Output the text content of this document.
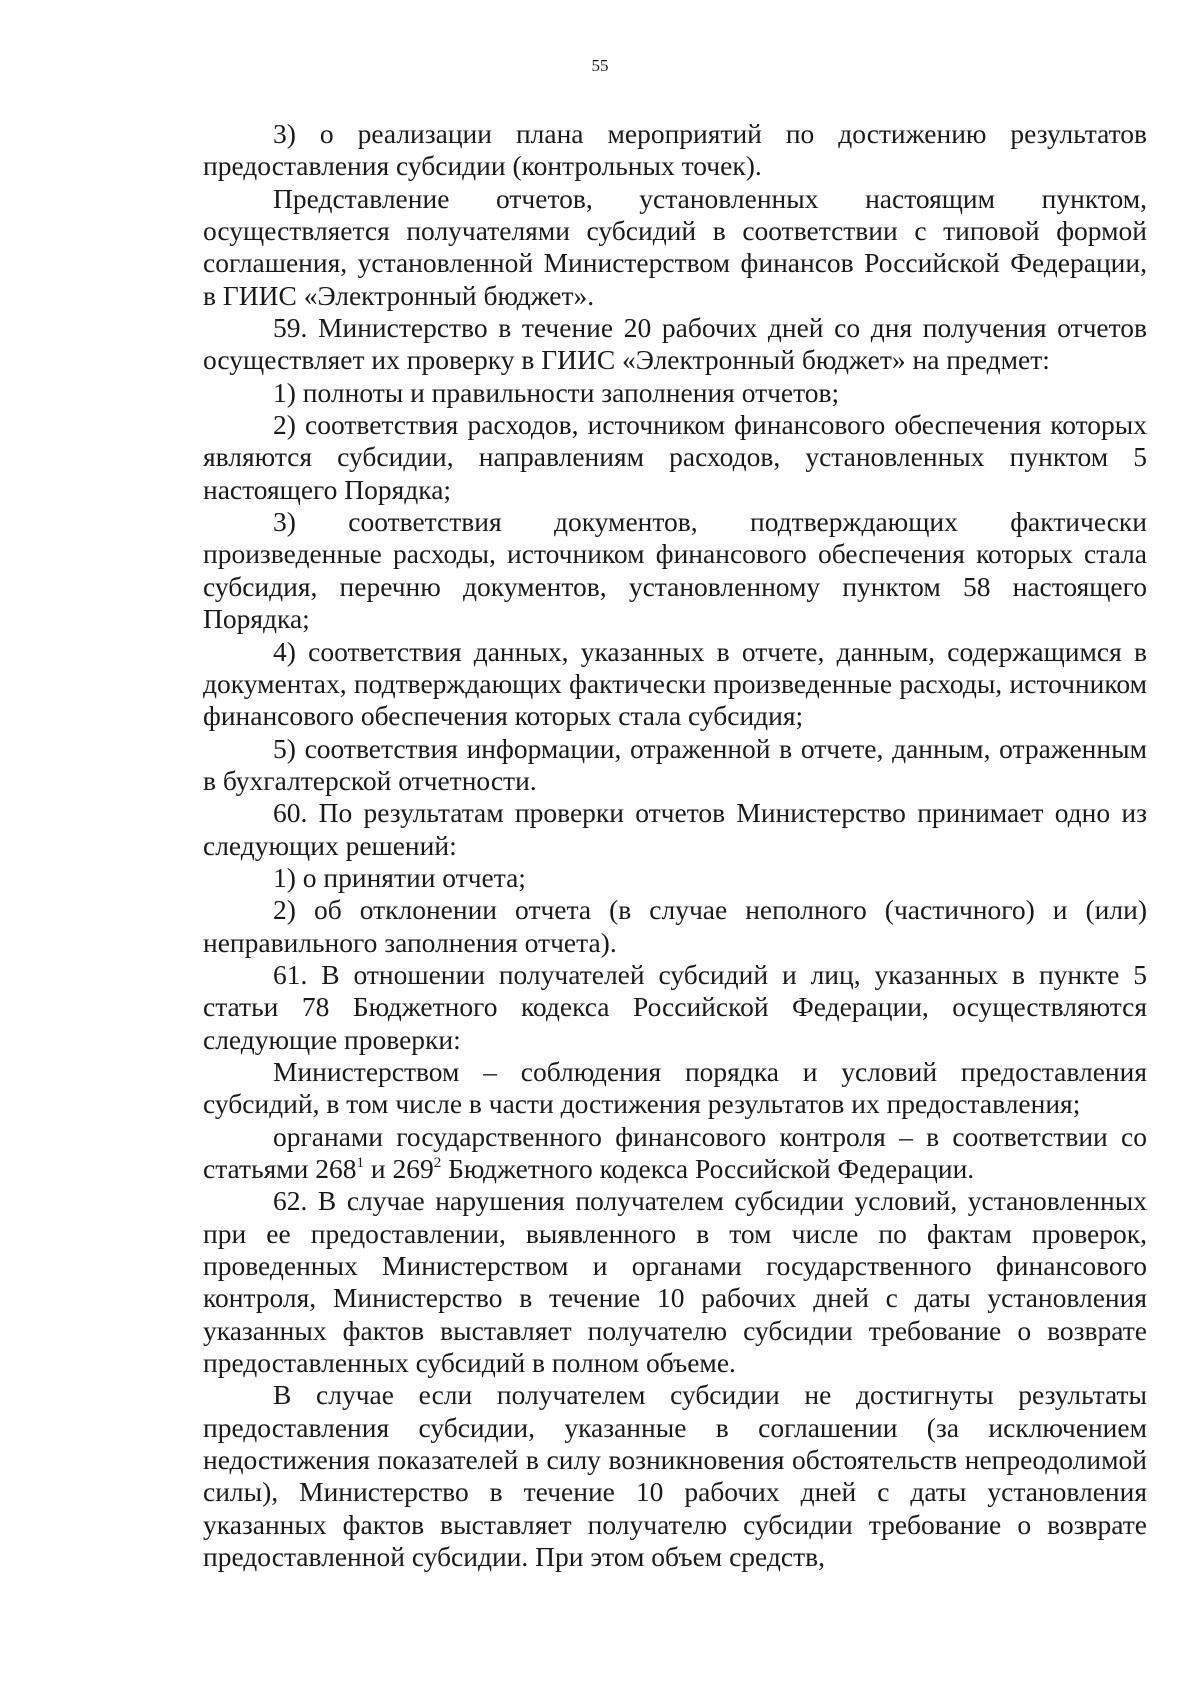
55

3) о реализации плана мероприятий по достижению результатов предоставления субсидии (контрольных точек).

Представление отчетов, установленных настоящим пунктом, осуществляется получателями субсидий в соответствии с типовой формой соглашения, установленной Министерством финансов Российской Федерации, в ГИИС «Электронный бюджет».

59. Министерство в течение 20 рабочих дней со дня получения отчетов осуществляет их проверку в ГИИС «Электронный бюджет» на предмет:

1) полноты и правильности заполнения отчетов;

2) соответствия расходов, источником финансового обеспечения которых являются субсидии, направлениям расходов, установленных пунктом 5 настоящего Порядка;

3) соответствия документов, подтверждающих фактически произведенные расходы, источником финансового обеспечения которых стала субсидия, перечню документов, установленному пунктом 58 настоящего Порядка;

4) соответствия данных, указанных в отчете, данным, содержащимся в документах, подтверждающих фактически произведенные расходы, источником финансового обеспечения которых стала субсидия;

5) соответствия информации, отраженной в отчете, данным, отраженным в бухгалтерской отчетности.

60. По результатам проверки отчетов Министерство принимает одно из следующих решений:

1) о принятии отчета;

2) об отклонении отчета (в случае неполного (частичного) и (или) неправильного заполнения отчета).

61. В отношении получателей субсидий и лиц, указанных в пункте 5 статьи 78 Бюджетного кодекса Российской Федерации, осуществляются следующие проверки:

Министерством – соблюдения порядка и условий предоставления субсидий, в том числе в части достижения результатов их предоставления;

органами государственного финансового контроля – в соответствии со статьями $268^1$ и $269^2$ Бюджетного кодекса Российской Федерации.

62. В случае нарушения получателем субсидии условий, установленных при ее предоставлении, выявленного в том числе по фактам проверок, проведенных Министерством и органами государственного финансового контроля, Министерство в течение 10 рабочих дней с даты установления указанных фактов выставляет получателю субсидии требование о возврате предоставленных субсидий в полном объеме.

В случае если получателем субсидии не достигнуты результаты предоставления субсидии, указанные в соглашении (за исключением недостижения показателей в силу возникновения обстоятельств непреодолимой силы), Министерство в течение 10 рабочих дней с даты установления указанных фактов выставляет получателю субсидии требование о возврате предоставленной субсидии. При этом объем средств,
